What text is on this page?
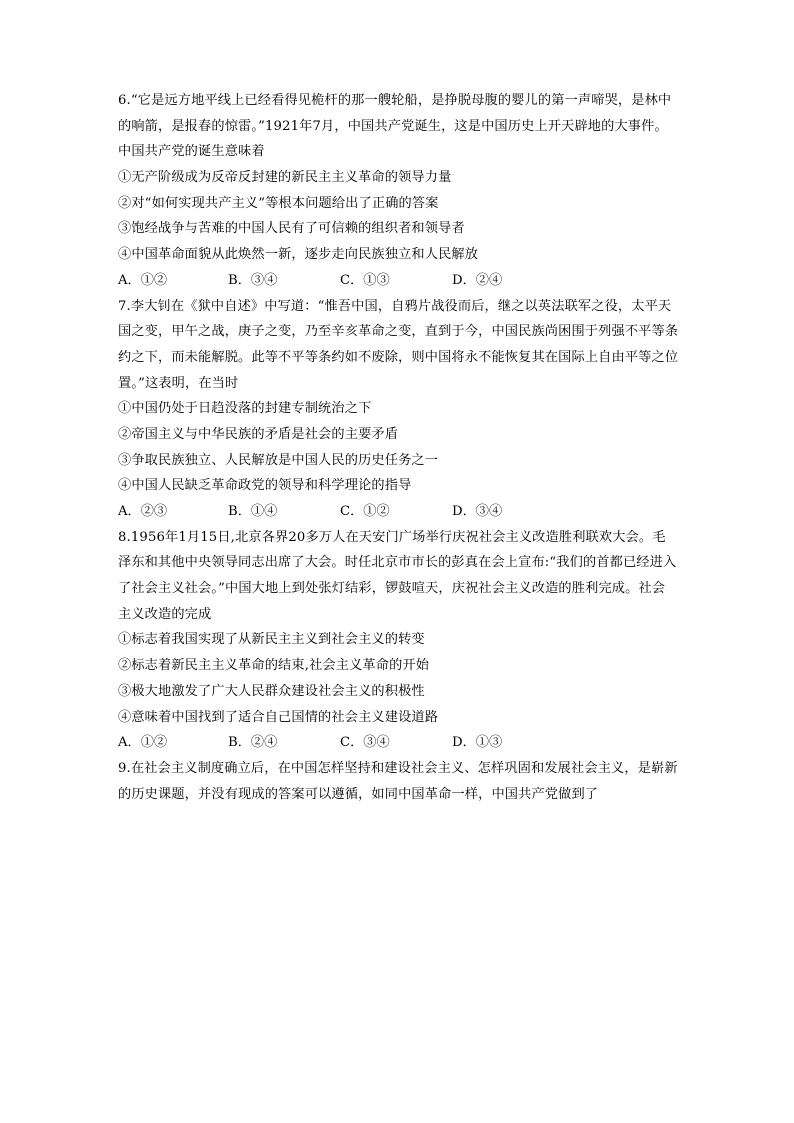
6.“它是远方地平线上已经看得见桅杆的那一艘轮船，是挣脱母腹的婴儿的第一声啼哭，是林中
的响箭，是报春的惊雷。”1921年7月，中国共产党诞生，这是中国历史上开天辟地的大事件。
中国共产党的诞生意味着
①无产阶级成为反帝反封建的新民主主义革命的领导力量
②对“如何实现共产主义”等根本问题给出了正确的答案
③饱经战争与苦难的中国人民有了可信赖的组织者和领导者
④中国革命面貌从此焕然一新，逐步走向民族独立和人民解放
A．①②	B．③④	C．①③	D．②④
7.李大钊在《狱中自述》中写道：“惟吾中国，自鸦片战役而后，继之以英法联军之役，太平天
国之变，甲午之战，庚子之变，乃至辛亥革命之变，直到于今，中国民族尚困围于列强不平等条
约之下，而未能解脱。此等不平等条约如不废除，则中国将永不能恢复其在国际上自由平等之位
置。”这表明，在当时
①中国仍处于日趋没落的封建专制统治之下
②帝国主义与中华民族的矛盾是社会的主要矛盾
③争取民族独立、人民解放是中国人民的历史任务之一
④中国人民缺乏革命政党的领导和科学理论的指导
A．②③	B．①④	C．①②	D．③④
8.1956年1月15日,北京各界20多万人在天安门广场举行庆祝社会主义改造胜利联欢大会。毛
泽东和其他中央领导同志出席了大会。时任北京市市长的彭真在会上宣布:“我们的首都已经进入
了社会主义社会。”中国大地上到处张灯结彩，锣鼓喧天，庆祝社会主义改造的胜利完成。社会
主义改造的完成
①标志着我国实现了从新民主主义到社会主义的转变
②标志着新民主主义革命的结束,社会主义革命的开始
③极大地激发了广大人民群众建设社会主义的积极性
④意味着中国找到了适合自己国情的社会主义建设道路
A．①②	B．②④	C．③④	D．①③
9.在社会主义制度确立后，在中国怎样坚持和建设社会主义、怎样巩固和发展社会主义，是崭新
的历史课题，并没有现成的答案可以遵循，如同中国革命一样，中国共产党做到了
